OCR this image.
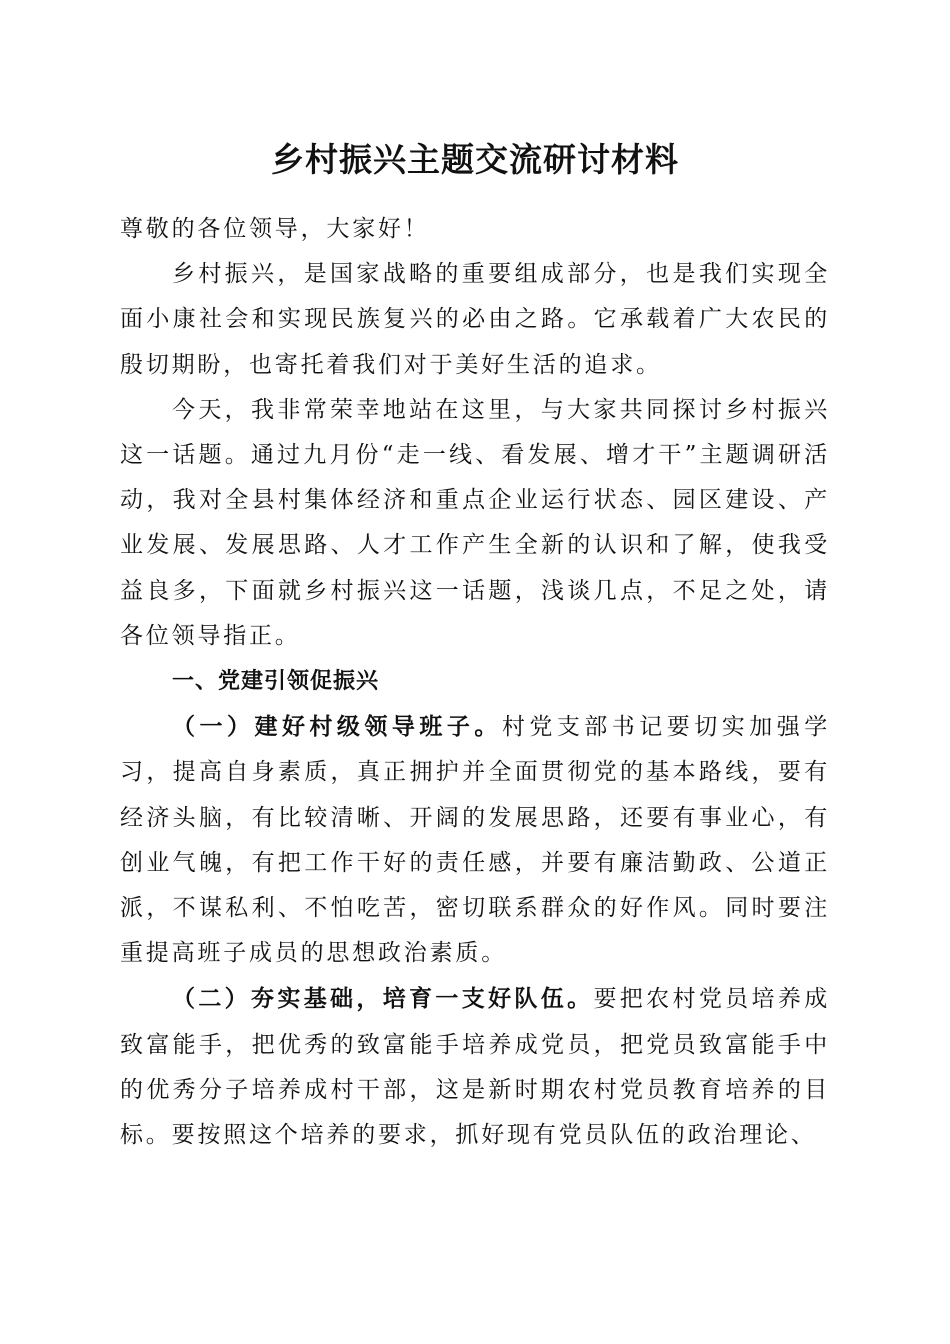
乡村振兴主题交流研讨材料

尊敬的各位领导，大家好！

乡村振兴，是国家战略的重要组成部分，也是我们实现全面小康社会和实现民族复兴的必由之路。它承载着广大农民的殷切期盼，也寄托着我们对于美好生活的追求。

今天，我非常荣幸地站在这里，与大家共同探讨乡村振兴这一话题。通过九月份“走一线、看发展、增才干”主题调研活动，我对全县村集体经济和重点企业运行状态、园区建设、产业发展、发展思路、人才工作产生全新的认识和了解，使我受益良多，下面就乡村振兴这一话题，浅谈几点，不足之处，请各位领导指正。

一、党建引领促振兴

（一）建好村级领导班子。村党支部书记要切实加强学习，提高自身素质，真正拥护并全面贯彻党的基本路线，要有经济头脑，有比较清晰、开阔的发展思路，还要有事业心，有创业气魄，有把工作干好的责任感，并要有廉洁勤政、公道正派，不谋私利、不怕吃苦，密切联系群众的好作风。同时要注重提高班子成员的思想政治素质。

（二）夯实基础，培育一支好队伍。要把农村党员培养成致富能手，把优秀的致富能手培养成党员，把党员致富能手中的优秀分子培养成村干部，这是新时期农村党员教育培养的目标。要按照这个培养的要求，抓好现有党员队伍的政治理论、
